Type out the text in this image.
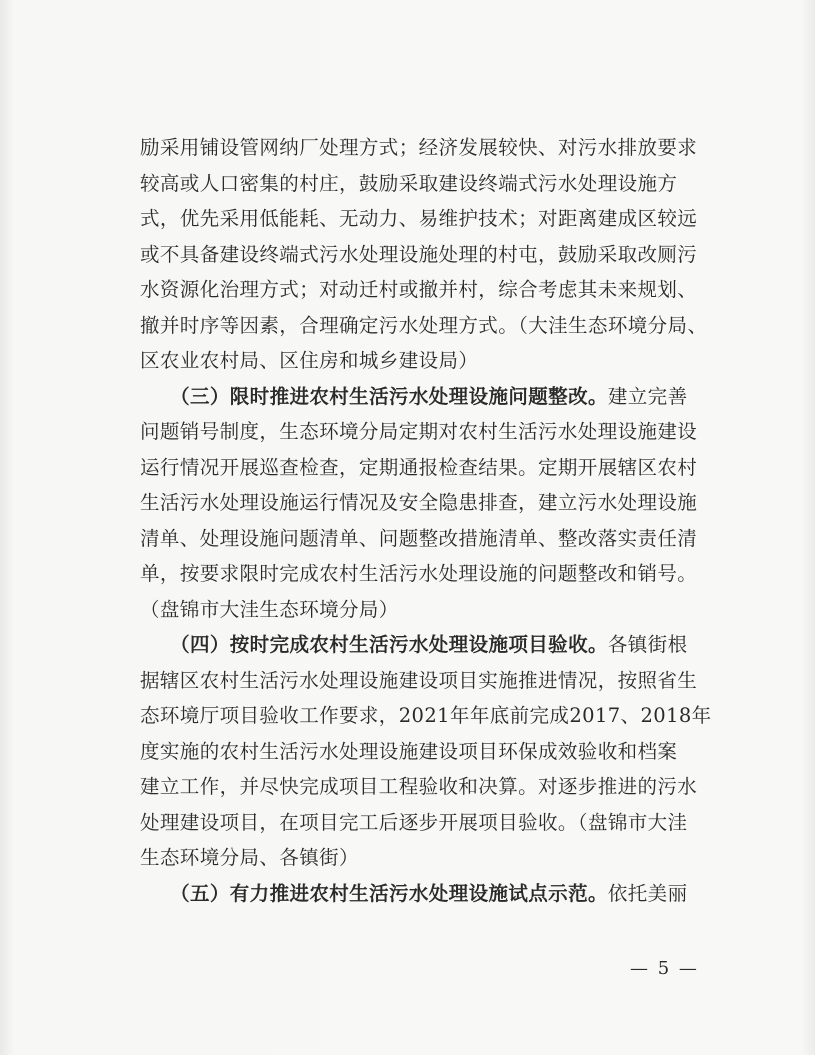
励采用铺设管网纳厂处理方式；经济发展较快、对污水排放要求

较高或人口密集的村庄，鼓励采取建设终端式污水处理设施方

式，优先采用低能耗、无动力、易维护技术；对距离建成区较远

或不具备建设终端式污水处理设施处理的村屯，鼓励采取改厕污

水资源化治理方式；对动迁村或撤并村，综合考虑其未来规划、

撤并时序等因素，合理确定污水处理方式。（大洼生态环境分局、

区农业农村局、区住房和城乡建设局）

　　（三）限时推进农村生活污水处理设施问题整改。建立完善

问题销号制度，生态环境分局定期对农村生活污水处理设施建设

运行情况开展巡查检查，定期通报检查结果。定期开展辖区农村

生活污水处理设施运行情况及安全隐患排查，建立污水处理设施

清单、处理设施问题清单、问题整改措施清单、整改落实责任清

单，按要求限时完成农村生活污水处理设施的问题整改和销号。

（盘锦市大洼生态环境分局）

　　（四）按时完成农村生活污水处理设施项目验收。各镇街根

据辖区农村生活污水处理设施建设项目实施推进情况，按照省生

态环境厅项目验收工作要求，2021年年底前完成2017、2018年

度实施的农村生活污水处理设施建设项目环保成效验收和档案

建立工作，并尽快完成项目工程验收和决算。对逐步推进的污水

处理建设项目，在项目完工后逐步开展项目验收。（盘锦市大洼

生态环境分局、各镇街）

　　（五）有力推进农村生活污水处理设施试点示范。依托美丽

— 5 —
